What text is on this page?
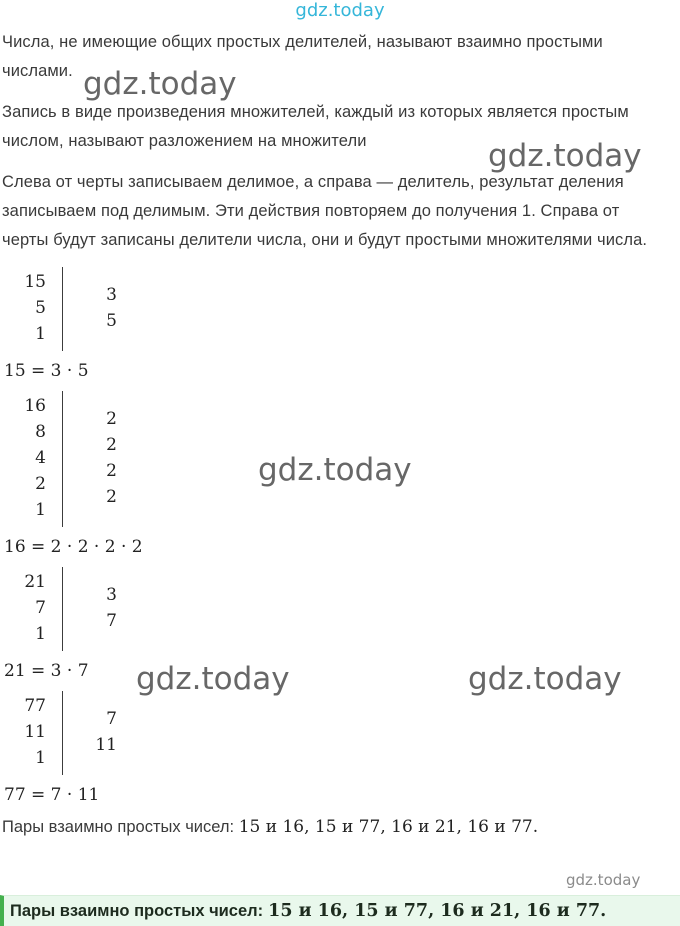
gdz.today
gdz.today
gdz.today
gdz.today
gdz.today	gdz.today
gdz.today

Числа, не имеющие общих простых делителей, называют взаимно простыми числами.

Запись в виде произведения множителей, каждый из которых является простым числом, называют разложением на множители

Слева от черты записываем делимое, а справа — делитель, результат деления записываем под делимым. Эти действия повторяем до получения 1. Справа от черты будут записаны делители числа, они и будут простыми множителями числа.

15
5
1
3
5

15 = 3 · 5

16
8
4
2
1
2
2
2
2

16 = 2 · 2 · 2 · 2

21
7
1
3
7

21 = 3 · 7

77
11
1
7
11

77 = 7 · 11

Пары взаимно простых чисел: 15 и 16, 15 и 77, 16 и 21, 16 и 77.

Пары взаимно простых чисел: 15 и 16, 15 и 77, 16 и 21, 16 и 77.
